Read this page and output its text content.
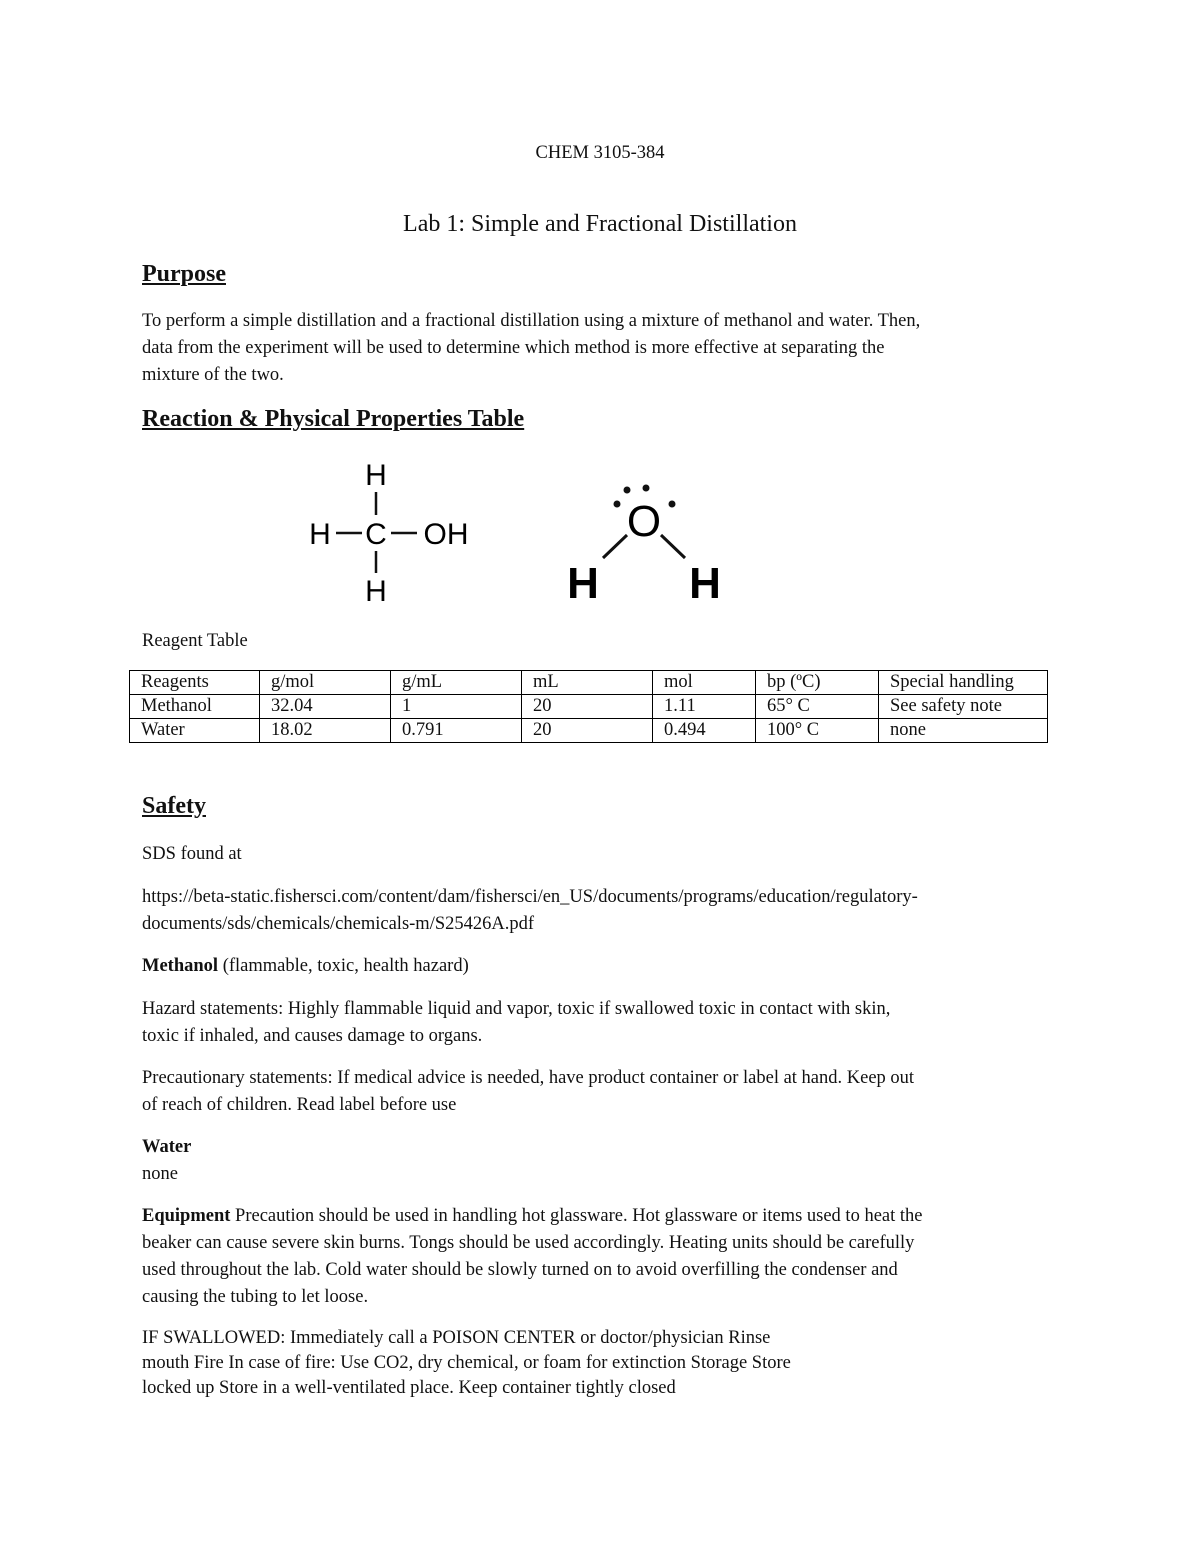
CHEM 3105-384
Lab 1: Simple and Fractional Distillation
Purpose
To perform a simple distillation and a fractional distillation using a mixture of methanol and water. Then,
data from the experiment will be used to determine which method is more effective at separating the
mixture of the two.
Reaction & Physical Properties Table
H
H C OH
H
O
H H
Reagent Table
Reagents	g/mol	g/mL	mL	mol	bp (ºC)	Special handling
Methanol	32.04	1	20	1.11	65° C	See safety note
Water	18.02	0.791	20	0.494	100° C	none
Safety
SDS found at
https://beta-static.fishersci.com/content/dam/fishersci/en_US/documents/programs/education/regulatory-
documents/sds/chemicals/chemicals-m/S25426A.pdf
Methanol (flammable, toxic, health hazard)
Hazard statements: Highly flammable liquid and vapor, toxic if swallowed toxic in contact with skin,
toxic if inhaled, and causes damage to organs.
Precautionary statements: If medical advice is needed, have product container or label at hand. Keep out
of reach of children. Read label before use
Water
none
Equipment Precaution should be used in handling hot glassware. Hot glassware or items used to heat the
beaker can cause severe skin burns. Tongs should be used accordingly. Heating units should be carefully
used throughout the lab. Cold water should be slowly turned on to avoid overfilling the condenser and
causing the tubing to let loose.
IF SWALLOWED: Immediately call a POISON CENTER or doctor/physician Rinse
mouth Fire In case of fire: Use CO2, dry chemical, or foam for extinction Storage Store
locked up Store in a well-ventilated place. Keep container tightly closed
